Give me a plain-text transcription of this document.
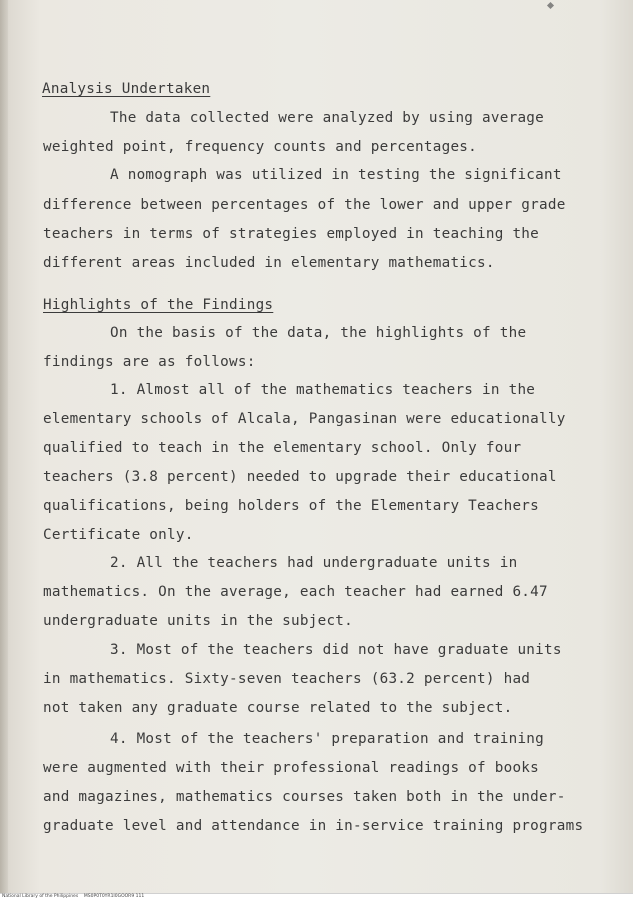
Analysis Undertaken
The data collected were analyzed by using average
weighted point, frequency counts and percentages.
A nomograph was utilized in testing the significant
difference between percentages of the lower and upper grade
teachers in terms of strategies employed in teaching the
different areas included in elementary mathematics.
Highlights of the Findings
On the basis of the data, the highlights of the
findings are as follows:
1. Almost all of the mathematics teachers in the
elementary schools of Alcala, Pangasinan were educationally
qualified to teach in the elementary school. Only four
teachers (3.8 percent) needed to upgrade their educational
qualifications, being holders of the Elementary Teachers
Certificate only.
2. All the teachers had undergraduate units in
mathematics. On the average, each teacher had earned 6.47
undergraduate units in the subject.
3. Most of the teachers did not have graduate units
in mathematics. Sixty-seven teachers (63.2 percent) had
not taken any graduate course related to the subject.
4. Most of the teachers' preparation and training
were augmented with their professional readings of books
and magazines, mathematics courses taken both in the under-
graduate level and attendance in in-service training programs
National Library of the Philippines    MS0P0T0YR1I0GOOR9 111
